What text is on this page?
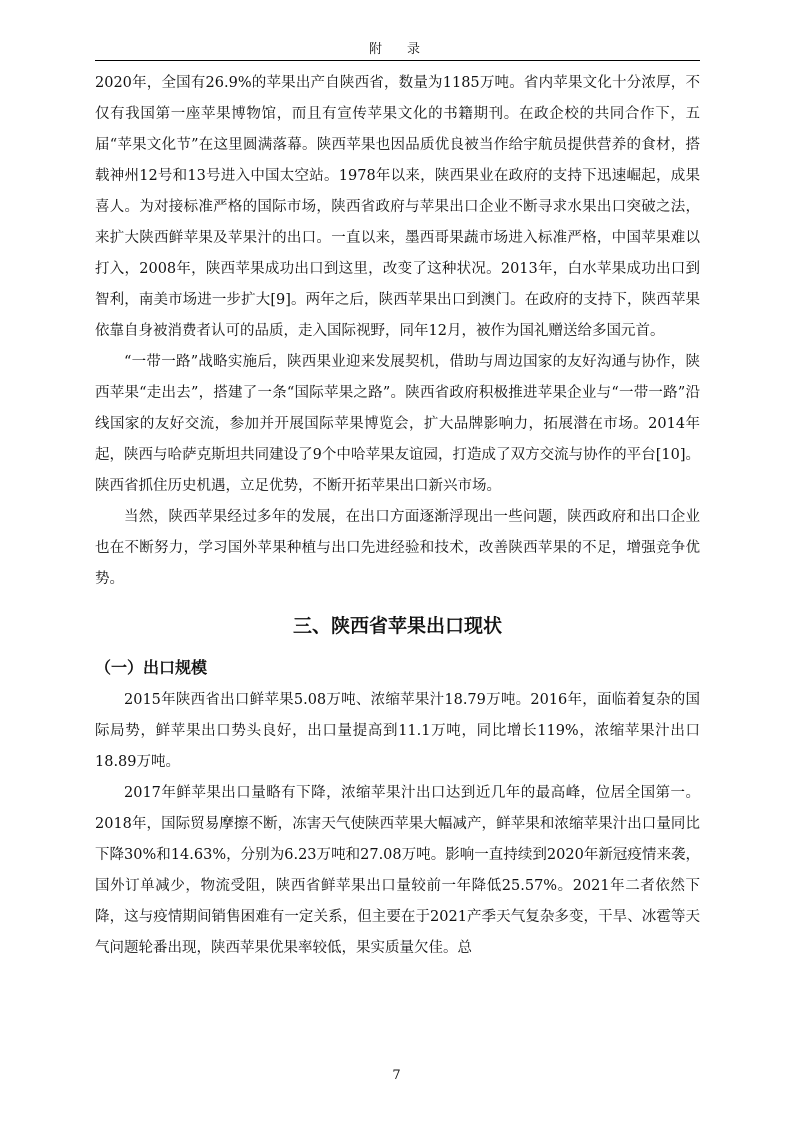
附　录

2020年，全国有26.9%的苹果出产自陕西省，数量为1185万吨。省内苹果文化十分浓厚，不仅有我国第一座苹果博物馆，而且有宣传苹果文化的书籍期刊。在政企校的共同合作下，五届“苹果文化节”在这里圆满落幕。陕西苹果也因品质优良被当作给宇航员提供营养的食材，搭载神州12号和13号进入中国太空站。1978年以来，陕西果业在政府的支持下迅速崛起，成果喜人。为对接标准严格的国际市场，陕西省政府与苹果出口企业不断寻求水果出口突破之法，来扩大陕西鲜苹果及苹果汁的出口。一直以来，墨西哥果蔬市场进入标准严格，中国苹果难以打入，2008年，陕西苹果成功出口到这里，改变了这种状况。2013年，白水苹果成功出口到智利，南美市场进一步扩大[9]。两年之后，陕西苹果出口到澳门。在政府的支持下，陕西苹果依靠自身被消费者认可的品质，走入国际视野，同年12月，被作为国礼赠送给多国元首。

“一带一路”战略实施后，陕西果业迎来发展契机，借助与周边国家的友好沟通与协作，陕西苹果“走出去”，搭建了一条“国际苹果之路”。陕西省政府积极推进苹果企业与“一带一路”沿线国家的友好交流，参加并开展国际苹果博览会，扩大品牌影响力，拓展潜在市场。2014年起，陕西与哈萨克斯坦共同建设了9个中哈苹果友谊园，打造成了双方交流与协作的平台[10]。陕西省抓住历史机遇，立足优势，不断开拓苹果出口新兴市场。

当然，陕西苹果经过多年的发展，在出口方面逐渐浮现出一些问题，陕西政府和出口企业也在不断努力，学习国外苹果种植与出口先进经验和技术，改善陕西苹果的不足，增强竞争优势。

三、陕西省苹果出口现状
（一）出口规模

2015年陕西省出口鲜苹果5.08万吨、浓缩苹果汁18.79万吨。2016年，面临着复杂的国际局势，鲜苹果出口势头良好，出口量提高到11.1万吨，同比增长119%，浓缩苹果汁出口18.89万吨。

2017年鲜苹果出口量略有下降，浓缩苹果汁出口达到近几年的最高峰，位居全国第一。2018年，国际贸易摩擦不断，冻害天气使陕西苹果大幅减产，鲜苹果和浓缩苹果汁出口量同比下降30%和14.63%，分别为6.23万吨和27.08万吨。影响一直持续到2020年新冠疫情来袭，国外订单减少，物流受阻，陕西省鲜苹果出口量较前一年降低25.57%。2021年二者依然下降，这与疫情期间销售困难有一定关系，但主要在于2021产季天气复杂多变，干旱、冰雹等天气问题轮番出现，陕西苹果优果率较低，果实质量欠佳。总

7
